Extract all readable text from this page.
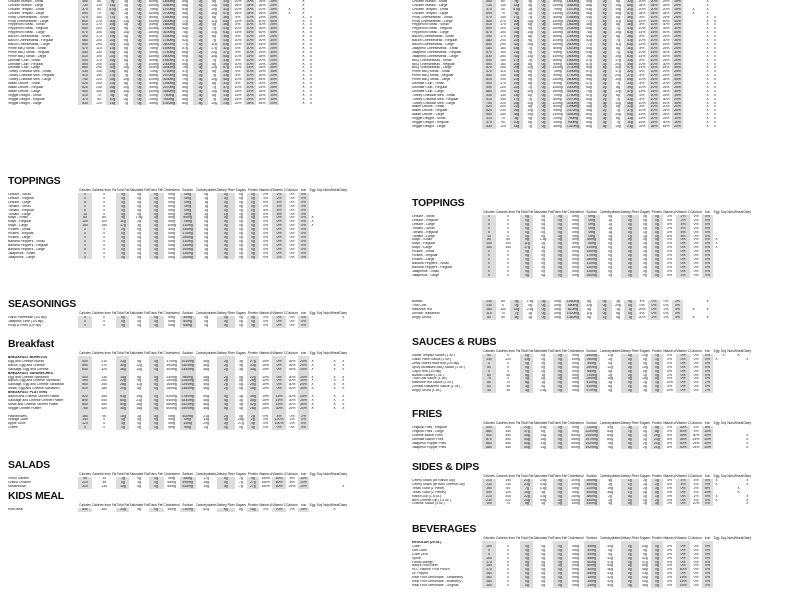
Chicken Buffalo - Small	450	80	9g	3g	0g	80mg	1830mg	49g	2g	8g	32g	20%	20%	25%	15%				X	
Chicken Buffalo - Large	730	130	14g	4g	0g	140mg	3360mg	88g	4g	14g	55g	35%	35%	35%	25%				X	
Chicken Teriyaki - Small	370	40	4.5g	1g	0g	75mg	1470mg	53g	2g	19g	31g	20%	20%	20%	15%		X		X	
Chicken Teriyaki - Large	690	70	8g	2g	0g	140mg	2700mg	98g	4g	35g	57g	35%	35%	35%	25%		X		X	
Philly Cheesesteak - Small	470	150	17g	7g	0g	80mg	1450mg	44g	2g	6g	36g	8%	10%	25%	25%				X	X
Philly Cheesesteak - Large	800	270	30g	13g	0g	140mg	2530mg	77g	4g	11g	64g	15%	15%	40%	45%				X	X
Pepperoni Steak - Small	510	170	19g	8g	0g	85mg	1860mg	46g	2g	6g	36g	8%	10%	30%	25%				X	X
Pepperoni Steak - Regular	600	200	22g	9g	0g	100mg	2180mg	54g	2g	7g	43g	10%	10%	35%	30%				X	X
Pepperoni Steak - Large	870	300	33g	14g	0g	150mg	3190mg	78g	3g	10g	63g	15%	15%	50%	45%				X	X
Bacon Cheesesteak - Small	490	170	19g	8g	0g	85mg	1490mg	44g	2g	6g	36g	8%	10%	25%	25%				X	X
Bacon Cheesesteak - Regular	580	200	22g	9g	0g	100mg	1780mg	52g	2g	7g	43g	10%	10%	30%	30%				X	X
Bacon Cheesesteak - Large	850	290	32g	14g	0g	150mg	2600mg	77g	4g	11g	63g	15%	15%	45%	45%				X	X
Prime BBQ Steak - Small	470	110	13g	5g	0g	75mg	1490mg	57g	2g	17g	32g	6%	10%	20%	25%				X	X
Prime BBQ Steak - Regular	540	130	15g	6g	0g	90mg	1740mg	66g	2g	20g	37g	8%	10%	25%	30%				X	X
Prime BBQ Steak - Large	810	190	22g	9g	0g	130mg	2600mg	99g	4g	30g	55g	10%	15%	35%	45%				X	X
Ultimate Club - Small	500	170	19g	6g	0g	90mg	1940mg	47g	2g	7g	33g	8%	10%	20%	20%				X	X
Ultimate Club - Regular	590	200	22g	7g	0g	105mg	2300mg	55g	2g	8g	39g	10%	10%	25%	25%				X	X
Ultimate Club - Large	860	290	32g	10g	0g	150mg	3330mg	79g	3g	12g	57g	15%	15%	35%	35%				X	X
Turkey Cheddar Melt - Small	430	130	14g	6g	0g	70mg	1750mg	47g	2g	6g	28g	6%	10%	25%	15%				X	X
Turkey Cheddar Melt - Regular	510	150	17g	7g	0g	85mg	2070mg	55g	2g	7g	33g	8%	10%	30%	20%				X	X
Turkey Cheddar Melt - Large	740	220	25g	10g	0g	120mg	3030mg	79g	3g	10g	48g	10%	15%	45%	30%				X	X
Italian Deluxe - Small	520	200	22g	8g	0g	80mg	1990mg	46g	2g	6g	31g	8%	10%	20%	20%				X	X
Italian Deluxe - Regular	620	230	26g	10g	0g	95mg	2370mg	55g	2g	7g	37g	10%	10%	25%	25%				X	X
Italian Deluxe - Large	900	340	38g	14g	0g	140mg	3440mg	80g	3g	10g	54g	15%	15%	35%	35%				X	X
Veggie Delight - Small	310	70	8g	4g	0g	20mg	760mg	46g	3g	6g	13g	15%	20%	25%	10%				X	X
Veggie Delight - Regular	370	90	10g	5g	0g	25mg	900mg	55g	3g	7g	16g	15%	25%	30%	15%				X	X
Veggie Delight - Large	530	120	14g	7g	0g	35mg	1310mg	80g	5g	10g	23g	25%	35%	45%	20%				X	X
TOPPINGS
	Calories	Calories from Fat	Total Fat	Saturated Fat	Trans Fat*	Cholesterol	Sodium	Carbohydrates	Dietary Fiber	Sugars	Protein	Vitamin A	Vitamin C	Calcium	Iron	Egg	Soy	Nuts	Wheat	Dairy
Lettuce - Small	0	0	0g	0g	0g	0mg	0mg	0g	0g	0g	0g	2%	2%	0%	0%					
Lettuce - Regular	0	0	0g	0g	0g	0mg	0mg	1g	0g	0g	0g	4%	2%	0%	0%					
Lettuce - Large	5	0	0g	0g	0g	0mg	0mg	1g	0g	0g	0g	6%	4%	0%	0%					
Tomato - Small	0	0	0g	0g	0g	0mg	0mg	1g	0g	0g	0g	2%	4%	0%	0%					
Tomato - Regular	5	0	0g	0g	0g	0mg	0mg	1g	0g	1g	0g	4%	6%	0%	0%					
Tomato - Large	10	0	0g	0g	0g	0mg	0mg	2g	1g	1g	0g	6%	8%	0%	0%					
Mayo - Small	80	80	9g	1.5g	0g	5mg	60mg	0g	0g	0g	0g	0%	0%	0%	0%	X				
Mayo - Regular	100	100	11g	2g	0g	5mg	75mg	0g	0g	0g	0g	0%	0%	0%	0%	X				
Mayo - Large	150	150	17g	3g	0g	10mg	110mg	0g	0g	0g	0g	0%	0%	0%	0%	X				
Pickles - Small	0	0	0g	0g	0g	0mg	140mg	0g	0g	0g	0g	0%	0%	0%	0%					
Pickles - Regular	0	0	0g	0g	0g	0mg	170mg	0g	0g	0g	0g	0%	0%	0%	0%					
Pickles - Large	0	0	0g	0g	0g	0mg	250mg	0g	0g	0g	0g	0%	0%	0%	0%					
Banana Peppers - Small	0	0	0g	0g	0g	0mg	110mg	0g	0g	0g	0g	0%	0%	0%	0%					
Banana Peppers - Regular	0	0	0g	0g	0g	0mg	130mg	0g	0g	0g	0g	0%	0%	0%	0%					
Banana Peppers - Large	5	0	0g	0g	0g	0mg	190mg	1g	0g	0g	0g	0%	0%	0%	0%					
Jalapeños - Small	0	0	0g	0g	0g	0mg	130mg	0g	0g	0g	0g	0%	0%	0%	0%					
Jalapeños - Large	5	0	0g	0g	0g	0mg	250mg	1g	0g	0g	0g	0%	2%	0%	0%					
SEASONINGS
	Calories	Calories from Fat	Total Fat	Saturated Fat	Trans Fat*	Cholesterol	Sodium	Carbohydrates	Dietary Fiber	Sugars	Protein	Vitamin A	Vitamin C	Calcium	Iron	Egg	Soy	Nuts	Wheat	Dairy
Garlic Parmesan (1/4 tsp)	5	0	0g	0g	0g	0mg	40mg	0g	0g	0g	0g	0%	0%	0%	0%					X
Jalapeno Lime (1/4 tsp)	0	0	0g	0g	0g	0mg	60mg	0g	0g	0g	0g	0%	0%	0%	0%					
Philly & Fries (1/4 tsp)	0	0	0g	0g	0g	0mg	65mg	0g	0g	0g	0g	0%	0%	0%	0%					
Breakfast
	Calories	Calories from Fat	Total Fat	Saturated Fat	Trans Fat*	Cholesterol	Sodium	Carbohydrates	Dietary Fiber	Sugars	Protein	Vitamin A	Vitamin C	Calcium	Iron	Egg	Soy	Nuts	Wheat	Dairy
BREAKFAST BURRITOS																				
Egg and Cheese Burrito	500	210	23g	9g	0g	370mg	1010mg	46g	2g	3g	27g	15%	0%	35%	20%	X			X	X
Bacon, Egg and Cheese	590	270	30g	12g	0g	390mg	1300mg	46g	2g	3g	33g	15%	0%	35%	20%	X			X	X
Sausage, Egg and Cheese	650	320	36g	14g	0g	400mg	1340mg	46g	2g	3g	34g	15%	0%	35%	25%	X			X	X
BREAKFAST SANDWICHES																				
Egg and Cheese Sandwich	400	130	15g	6g	0g	230mg	960mg	45g	2g	5g	22g	10%	0%	30%	20%	X			X	X
Bacon, Egg and Cheese Sandwich	490	200	22g	9g	0g	250mg	1250mg	45g	2g	5g	28g	10%	0%	30%	20%	X			X	X
Sausage, Egg and Cheese Sandwich	550	250	28g	11g	0g	260mg	1290mg	45g	2g	5g	29g	10%	0%	30%	25%	X			X	X
Steak, Egg and Cheese Sandwich	510	180	20g	8g	0g	280mg	1380mg	46g	2g	5g	36g	10%	0%	30%	30%	X			X	X
BREAKFAST PLATTERS																				
Bacon and Cheese Omelet Platter	820	480	53g	19g	0g	620mg	1780mg	55g	4g	3g	34g	15%	15%	30%	25%	X			X	X
Sausage and Cheese Omelet Platter	890	540	60g	21g	0g	640mg	1830mg	55g	4g	3g	35g	15%	15%	30%	25%	X			X	X
Steak and Cheese Omelet Platter	850	450	50g	18g	0g	660mg	1920mg	56g	4g	3g	42g	15%	15%	30%	30%	X			X	X
Veggie Omelet Platter	760	420	46g	16g	0g	600mg	1500mg	58g	5g	4g	28g	25%	30%	25%	20%	X			X	X

Hashbrowns	180	90	10g	2g	0g	0mg	400mg	21g	2g	0g	2g	0%	4%	0%	2%					
Orange Juice	140	0	0g	0g	0g	0mg	0mg	33g	0g	28g	2g	0%	120%	2%	0%					
Apple Juice	120	0	0g	0g	0g	0mg	10mg	29g	0g	27g	0g	0%	100%	2%	0%					
Coffee	5	0	0g	0g	0g	0mg	5mg	0g	0g	0g	0g	0%	0%	0%	0%					
SALADS
	Calories	Calories from Fat	Total Fat	Saturated Fat	Trans Fat*	Cholesterol	Sodium	Carbohydrates	Dietary Fiber	Sugars	Protein	Vitamin A	Vitamin C	Calcium	Iron	Egg	Soy	Nuts	Wheat	Dairy
Fresh Garden	90	10	1g	0g	0g	0mg	45mg	17g	5g	7g	5g	150%	60%	8%	10%					
Grilled Chicken	210	35	4g	1g	0g	55mg	490mg	18g	5g	7g	27g	150%	60%	8%	10%					
Steakhouse	310	130	15g	6g	0g	65mg	610mg	19g	5g	7g	27g	150%	60%	25%	20%					X
KIDS MEAL
	Calories	Calories from Fat	Total Fat	Saturated Fat	Trans Fat*	Cholesterol	Sodium	Carbohydrates	Dietary Fiber	Sugars	Protein	Vitamin A	Vitamin C	Calcium	Iron	Egg	Soy	Nuts	Wheat	Dairy
Kids Meal	690	300	33g	9g	0g	45mg	730mg	82g	6g	8g	18g	0%	20%	2%	15%				X	
Chicken Buffalo - Small	450	80	9g	3g	0g	80mg	1830mg	49g	2g	8g	32g	20%	20%	25%	15%				X	
Chicken Buffalo - Large	730	130	14g	4g	0g	140mg	3360mg	88g	4g	14g	55g	35%	35%	35%	25%				X	
Chicken Teriyaki - Small	370	40	4.5g	1g	0g	75mg	1470mg	53g	2g	19g	31g	20%	20%	20%	15%		X		X	
Chicken Teriyaki - Large	690	70	8g	2g	0g	140mg	2700mg	98g	4g	35g	57g	35%	35%	35%	25%		X		X	
Philly Cheesesteak - Small	470	150	17g	7g	0g	80mg	1450mg	44g	2g	6g	36g	8%	10%	25%	25%				X	X
Philly Cheesesteak - Large	800	270	30g	13g	0g	140mg	2530mg	77g	4g	11g	64g	15%	15%	40%	45%				X	X
Pepperoni Steak - Small	510	170	19g	8g	0g	85mg	1860mg	46g	2g	6g	36g	8%	10%	30%	25%				X	X
Pepperoni Steak - Regular	600	200	22g	9g	0g	100mg	2180mg	54g	2g	7g	43g	10%	10%	35%	30%				X	X
Pepperoni Steak - Large	870	300	33g	14g	0g	150mg	3190mg	78g	3g	10g	63g	15%	15%	50%	45%				X	X
Bacon Cheesesteak - Small	490	170	19g	8g	0g	85mg	1490mg	44g	2g	6g	36g	8%	10%	25%	25%				X	X
Bacon Cheesesteak - Regular	580	200	22g	9g	0g	100mg	1780mg	52g	2g	7g	43g	10%	10%	30%	30%				X	X
Bacon Cheesesteak - Large	850	290	32g	14g	0g	150mg	2600mg	77g	4g	11g	63g	15%	15%	45%	45%				X	X
Jalapeño Cheesesteak - Small	480	160	18g	7g	0g	80mg	1610mg	45g	2g	6g	36g	8%	10%	25%	25%				X	X
Jalapeño Cheesesteak - Regular	570	190	21g	9g	0g	95mg	1920mg	53g	2g	7g	43g	10%	15%	30%	30%				X	X
Jalapeño Cheesesteak - Large	830	280	31g	13g	0g	140mg	2800mg	78g	4g	10g	63g	15%	20%	45%	45%				X	X
BBQ Cheesesteak - Small	500	150	17g	7g	0g	80mg	1560mg	57g	2g	17g	33g	8%	10%	25%	25%				X	X
BBQ Cheesesteak - Regular	590	180	20g	8g	0g	95mg	1850mg	67g	2g	20g	39g	10%	10%	30%	30%				X	X
BBQ Cheesesteak - Large	870	260	29g	12g	0g	140mg	2730mg	99g	4g	30g	57g	15%	15%	45%	45%				X	X
Prime BBQ Steak - Small	470	110	13g	5g	0g	75mg	1490mg	57g	2g	17g	32g	6%	10%	20%	25%				X	X
Prime BBQ Steak - Regular	540	130	15g	6g	0g	90mg	1740mg	66g	2g	20g	37g	8%	10%	25%	30%				X	X
Prime BBQ Steak - Large	810	190	22g	9g	0g	130mg	2600mg	99g	4g	30g	55g	10%	15%	35%	45%				X	X
Ultimate Club - Small	500	170	19g	6g	0g	90mg	1940mg	47g	2g	7g	33g	8%	10%	20%	20%				X	X
Ultimate Club - Regular	590	200	22g	7g	0g	105mg	2300mg	55g	2g	8g	39g	10%	10%	25%	25%				X	X
Ultimate Club - Large	860	290	32g	10g	0g	150mg	3330mg	79g	3g	12g	57g	15%	15%	35%	35%				X	X
Turkey Cheddar Melt - Small	430	130	14g	6g	0g	70mg	1750mg	47g	2g	6g	28g	6%	10%	25%	15%				X	X
Turkey Cheddar Melt - Regular	510	150	17g	7g	0g	85mg	2070mg	55g	2g	7g	33g	8%	10%	30%	20%				X	X
Turkey Cheddar Melt - Large	740	220	25g	10g	0g	120mg	3030mg	79g	3g	10g	48g	10%	15%	45%	30%				X	X
Italian Deluxe - Small	520	200	22g	8g	0g	80mg	1990mg	46g	2g	6g	31g	8%	10%	20%	20%				X	X
Italian Deluxe - Regular	620	230	26g	10g	0g	95mg	2370mg	55g	2g	7g	37g	10%	10%	25%	25%				X	X
Italian Deluxe - Large	900	340	38g	14g	0g	140mg	3440mg	80g	3g	10g	54g	15%	15%	35%	35%				X	X
Veggie Delight - Small	310	70	8g	4g	0g	20mg	760mg	46g	3g	6g	13g	15%	20%	25%	10%				X	X
Veggie Delight - Regular	370	90	10g	5g	0g	25mg	900mg	55g	3g	7g	16g	15%	25%	30%	15%				X	X
Veggie Delight - Large	530	120	14g	7g	0g	35mg	1310mg	80g	5g	10g	23g	25%	35%	45%	20%				X	X
TOPPINGS
	Calories	Calories from Fat	Total Fat	Saturated Fat	Trans Fat*	Cholesterol	Sodium	Carbohydrates	Dietary Fiber	Sugars	Protein	Vitamin A	Vitamin C	Calcium	Iron	Egg	Soy	Nuts	Wheat	Dairy
Lettuce - Small	0	0	0g	0g	0g	0mg	0mg	0g	0g	0g	0g	2%	2%	0%	0%					
Lettuce - Regular	0	0	0g	0g	0g	0mg	0mg	1g	0g	0g	0g	4%	2%	0%	0%					
Lettuce - Large	5	0	0g	0g	0g	0mg	0mg	1g	0g	0g	0g	6%	4%	0%	0%					
Tomato - Small	0	0	0g	0g	0g	0mg	0mg	1g	0g	0g	0g	2%	4%	0%	0%					
Tomato - Regular	5	0	0g	0g	0g	0mg	0mg	1g	0g	1g	0g	4%	6%	0%	0%					
Tomato - Large	10	0	0g	0g	0g	0mg	0mg	2g	1g	1g	0g	6%	8%	0%	0%					
Mayo - Small	80	80	9g	1.5g	0g	5mg	60mg	0g	0g	0g	0g	0%	0%	0%	0%	X				
Mayo - Regular	100	100	11g	2g	0g	5mg	75mg	0g	0g	0g	0g	0%	0%	0%	0%	X				
Mayo - Large	150	150	17g	3g	0g	10mg	110mg	0g	0g	0g	0g	0%	0%	0%	0%	X				
Pickles - Small	0	0	0g	0g	0g	0mg	140mg	0g	0g	0g	0g	0%	0%	0%	0%					
Pickles - Regular	0	0	0g	0g	0g	0mg	170mg	0g	0g	0g	0g	0%	0%	0%	0%					
Pickles - Large	0	0	0g	0g	0g	0mg	250mg	0g	0g	0g	0g	0%	0%	0%	0%					
Banana Peppers - Small	0	0	0g	0g	0g	0mg	110mg	0g	0g	0g	0g	0%	0%	0%	0%					
Banana Peppers - Regular	0	0	0g	0g	0g	0mg	130mg	0g	0g	0g	0g	0%	0%	0%	0%					
Jalapeños - Small	0	0	0g	0g	0g	0mg	130mg	0g	0g	0g	0g	0%	0%	0%	0%					
Jalapeños - Large	5	0	0g	0g	0g	0mg	250mg	1g	0g	0g	0g	0%	2%	0%	0%					
Buffalo	130	80	9g	1.5g	0g	0mg	1460mg	6g	0g	3g	0g	4%	0%	0%	2%				X	
Thai Chili	130	0	0g	0g	0g	0mg	580mg	32g	0g	29g	0g	0%	0%	0%	0%					
Nashville Hot	160	140	15g	2.5g	0g	0mg	810mg	5g	1g	1g	1g	20%	0%	2%	4%		X		X	
Smokin' Habanero	110	70	7g	1g	0g	0mg	1020mg	11g	0g	8g	0g	6%	0%	0%	0%					
Angry Ghost	80	50	6g	1g	0g	0mg	1340mg	8g	1g	6g	1g	20%	2%	2%	4%		X		X	
SAUCES & RUBS
	Calories	Calories from Fat	Total Fat	Saturated Fat	Trans Fat*	Cholesterol	Sodium	Carbohydrates	Dietary Fiber	Sugars	Protein	Vitamin A	Vitamin C	Calcium	Iron	Egg	Soy	Nuts	Wheat	Dairy
Sweet Teriyaki Sauce (1 oz.)	50	0	0g	0g	0g	0mg	590mg	11g	0g	10g	1g	0%	0%	0%	0%		X		X	
Garlic Parm Sauce (1 oz.)	130	120	13g	2g	0g	10mg	250mg	2g	0g	0g	1g	0%	0%	2%	0%	X				X
Zesty Sweet Heat Rub (1/4 tsp)	0	0	0g	0g	0g	0mg	55mg	0g	0g	0g	0g	0%	0%	0%	0%					
Spicy Molasses BBQ Sauce (1 oz.)	50	0	0g	0g	0g	0mg	290mg	12g	0g	10g	0g	0%	0%	0%	0%					
Cajun Rub (1/4 tsp)	0	0	0g	0g	0g	0mg	65mg	0g	0g	0g	0g	0%	0%	0%	0%					
Buffalo Sauce (1 oz.)	60	50	6g	1g	0g	0mg	730mg	2g	0g	1g	0g	2%	0%	0%	0%					
Thai Chili Sauce (1 oz.)	70	0	0g	0g	0g	0mg	290mg	16g	0g	15g	0g	0%	0%	0%	0%					
Nashville Hot Sauce (1 oz.)	80	70	8g	1g	0g	0mg	410mg	3g	0g	1g	1g	10%	0%	0%	2%					
Zombie Habanero Sauce (1 oz.)	60	40	4g	0g	0g	0mg	510mg	6g	0g	4g	0g	4%	0%	0%	0%					
Angry Ghost (1 oz.)	40	30	3g	0.5g	0g	0mg	670mg	4g	0g	3g	0g	10%	0%	0%	2%					
FRIES
	Calories	Calories from Fat	Total Fat	Saturated Fat	Trans Fat*	Cholesterol	Sodium	Carbohydrates	Dietary Fiber	Sugars	Protein	Vitamin A	Vitamin C	Calcium	Iron	Egg	Soy	Nuts	Wheat	Dairy
Original Fries - Regular	400	200	22g	3.5g	0g	0mg	720mg	49g	4g	0g	5g	0%	30%	2%	8%					
Original Fries - Large	680	340	37g	6g	0g	0mg	1230mg	83g	7g	0g	8g	0%	50%	4%	15%					
Cheese Bacon Fries	900	490	55g	14g	0g	60mg	1940mg	69g	5g	1g	26g	6%	35%	30%	10%					X
Ultimate Bacon Fries	870	490	54g	15g	0g	55mg	1970mg	69g	5g	1g	23g	8%	35%	25%	10%					X
Jalapeño Popper Fries	880	450	50g	13g	0g	50mg	1920mg	76g	5g	2g	21g	8%	40%	25%	10%					X
Jalapeño Popper Fries	880	450	50g	13g	0g	50mg	1920mg	76g	5g	2g	21g	8%	40%	25%	10%					X
SIDES & DIPS
	Calories	Calories from Fat	Total Fat	Saturated Fat	Trans Fat*	Cholesterol	Sodium	Carbohydrates	Dietary Fiber	Sugars	Protein	Vitamin A	Vitamin C	Calcium	Iron	Egg	Soy	Nuts	Wheat	Dairy
Celery Sticks (w/ Ranch Dip)	210	190	21g	3.5g	0g	20mg	390mg	4g	1g	2g	1g	4%	4%	4%	0%	X				X
Celery Sticks (w/ Bleu Cheese Dip)	230	210	23g	4.5g	0g	20mg	450mg	3g	1g	2g	2g	4%	4%	4%	0%	X				X
Texas Toast (1 Piece)	150	60	7g	1.5g	0g	0mg	220mg	19g	1g	2g	3g	0%	0%	2%	8%				X	
Texas Toast (2 Pieces)	300	120	14g	3g	0g	0mg	440mg	38g	1g	4g	6g	0%	0%	4%	15%				X	
Ranch Dip (1.5 oz.)	210	200	22g	3.5g	0g	20mg	380mg	2g	0g	1g	1g	0%	0%	2%	0%	X				X
Bleu Cheese Dip (1.5 oz.)	230	220	24g	4.5g	0g	20mg	440mg	2g	0g	1g	2g	0%	0%	4%	0%	X				X
Cheese Sauce (3 oz.)	100	70	8g	3g	0g	10mg	510mg	4g	0g	1g	3g	2%	0%	10%	0%					X
BEVERAGES
	Calories	Calories from Fat	Total Fat	Saturated Fat	Trans Fat*	Cholesterol	Sodium	Carbohydrates	Dietary Fiber	Sugars	Protein	Vitamin A	Vitamin C	Calcium	Iron	Egg	Soy	Nuts	Wheat	Dairy
REGULAR (20 oz.)																				
Coke	160	0	0g	0g	0g	0mg	45mg	44g	0g	44g	0g	0%	0%	0%	0%					
Diet Coke	0	0	0g	0g	0g	0mg	40mg	0g	0g	0g	0g	0%	0%	0%	0%					
Coke Zero	0	0	0g	0g	0g	0mg	40mg	0g	0g	0g	0g	0%	0%	0%	0%					
Sprite	160	0	0g	0g	0g	0mg	55mg	42g	0g	42g	0g	0%	0%	0%	0%					
Fanta Orange	170	0	0g	0g	0g	0mg	60mg	47g	0g	47g	0g	0%	0%	0%	0%					
Barq's Root Beer	180	0	0g	0g	0g	0mg	60mg	50g	0g	50g	0g	0%	0%	0%	0%					
Hi-C Flashin' Fruit Punch	170	0	0g	0g	0g	0mg	40mg	46g	0g	46g	0g	0%	60%	0%	0%					
Dr. Pepper	160	0	0g	0g	0g	0mg	55mg	43g	0g	43g	0g	0%	0%	0%	0%					
Real Fruit Lemonade - Strawberry	160	0	0g	0g	0g	0mg	15mg	42g	0g	40g	0g	0%	15%	0%	0%					
Real Fruit Lemonade - Blueberry	160	0	0g	0g	0g	0mg	15mg	42g	0g	40g	0g	0%	15%	0%	0%					
Real Fruit Lemonade - Original	150	0	0g	0g	0g	0mg	15mg	40g	0g	38g	0g	0%	15%	0%	0%					
